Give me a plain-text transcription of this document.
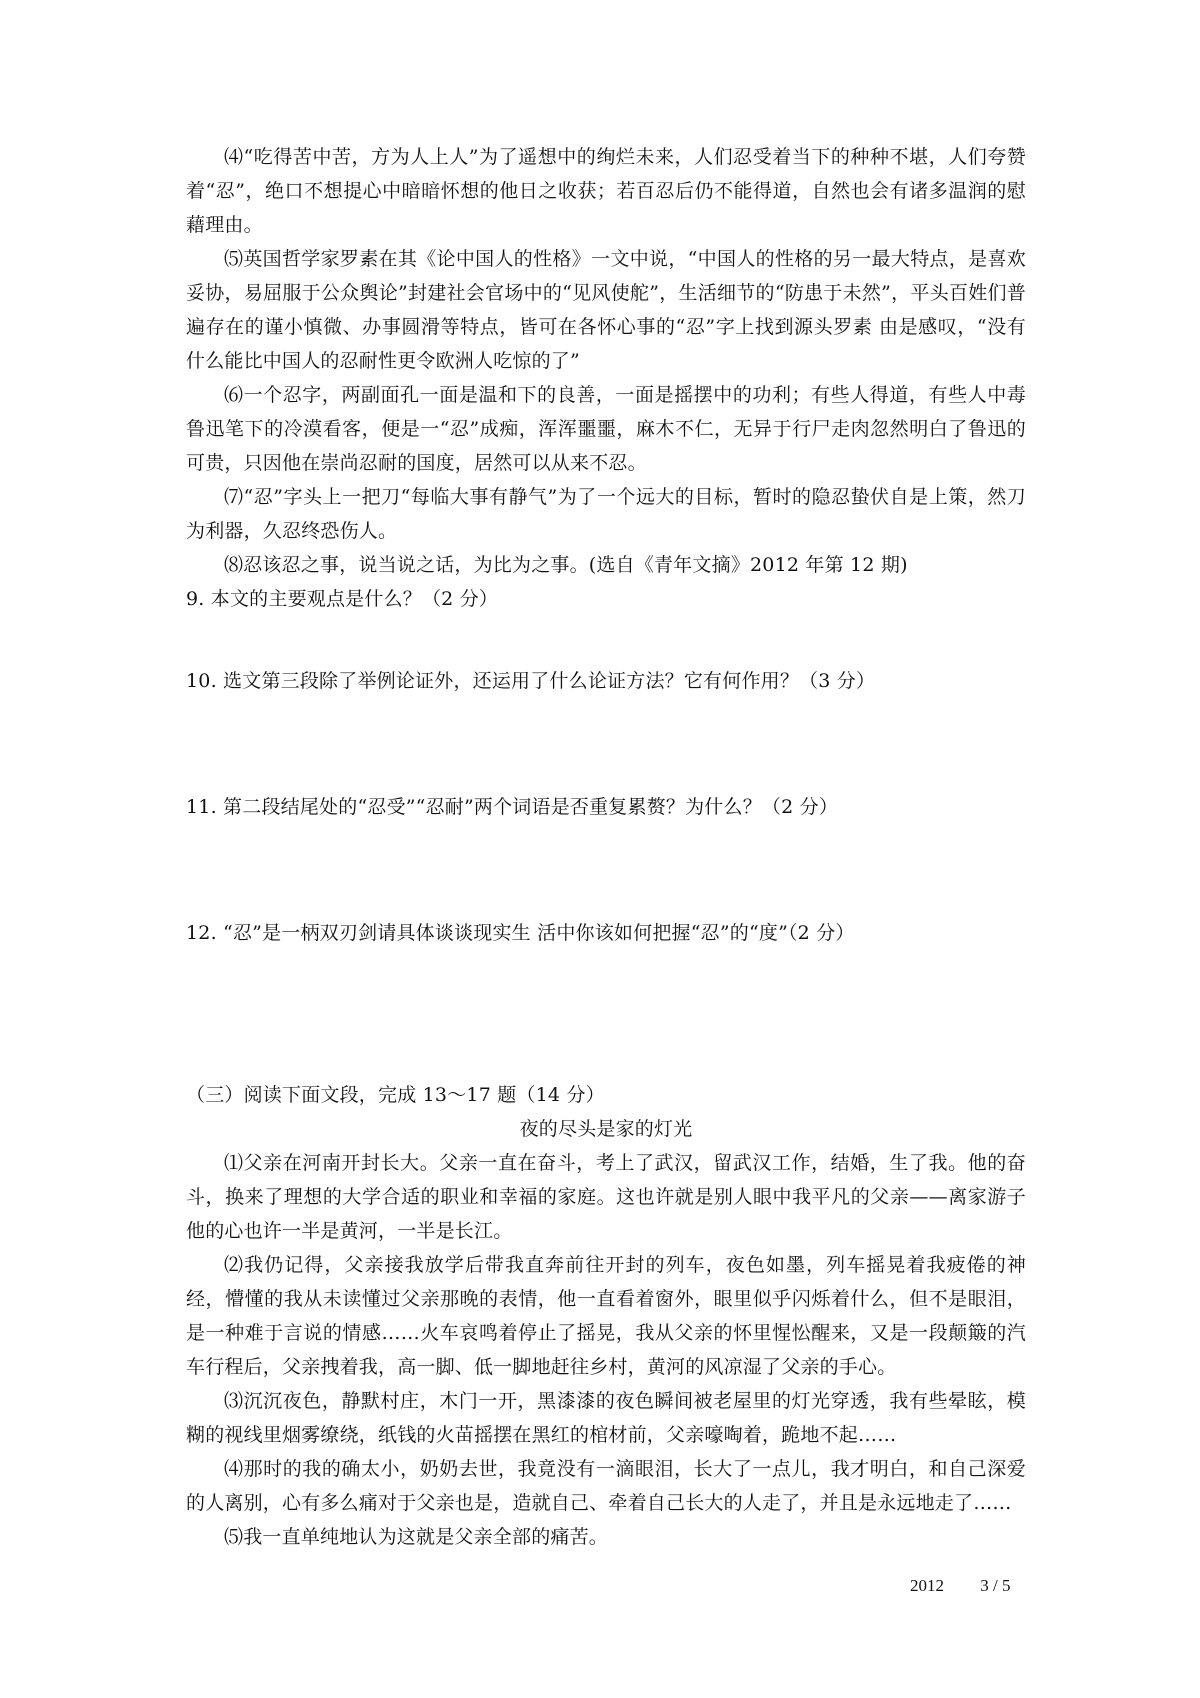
⑷“吃得苦中苦，方为人上人”为了遥想中的绚烂未来，人们忍受着当下的种种不堪，人们夸赞着“忍”，绝口不想提心中暗暗怀想的他日之收获；若百忍后仍不能得道，自然也会有诸多温润的慰藉理由。

⑸英国哲学家罗素在其《论中国人的性格》一文中说，“中国人的性格的另一最大特点，是喜欢妥协，易屈服于公众舆论”封建社会官场中的“见风使舵”，生活细节的“防患于未然”，平头百姓们普遍存在的谨小慎微、办事圆滑等特点，皆可在各怀心事的“忍”字上找到源头罗素 由是感叹，“没有什么能比中国人的忍耐性更令欧洲人吃惊的了”

⑹一个忍字，两副面孔一面是温和下的良善，一面是摇摆中的功利；有些人得道，有些人中毒鲁迅笔下的冷漠看客，便是一“忍”成痴，浑浑噩噩，麻木不仁，无异于行尸走肉忽然明白了鲁迅的可贵，只因他在崇尚忍耐的国度，居然可以从来不忍。

⑺“忍”字头上一把刀“每临大事有静气”为了一个远大的目标，暂时的隐忍蛰伏自是上策，然刀为利器，久忍终恐伤人。

⑻忍该忍之事，说当说之话，为比为之事。(选自《青年文摘》2012 年第 12 期)

9. 本文的主要观点是什么？（2 分）

10. 选文第三段除了举例论证外，还运用了什么论证方法？它有何作用？（3 分）

11. 第二段结尾处的“忍受”“忍耐”两个词语是否重复累赘？为什么？（2 分）

12. “忍”是一柄双刃剑请具体谈谈现实生 活中你该如何把握“忍”的“度”（2 分）

（三）阅读下面文段，完成 13～17 题（14 分）

夜的尽头是家的灯光

⑴父亲在河南开封长大。父亲一直在奋斗，考上了武汉，留武汉工作，结婚，生了我。他的奋斗，换来了理想的大学合适的职业和幸福的家庭。这也许就是别人眼中我平凡的父亲——离家游子他的心也许一半是黄河，一半是长江。

⑵我仍记得，父亲接我放学后带我直奔前往开封的列车，夜色如墨，列车摇晃着我疲倦的神经，懵懂的我从未读懂过父亲那晚的表情，他一直看着窗外，眼里似乎闪烁着什么，但不是眼泪，是一种难于言说的情感……火车哀鸣着停止了摇晃，我从父亲的怀里惺忪醒来，又是一段颠簸的汽车行程后，父亲拽着我，高一脚、低一脚地赶往乡村，黄河的风凉湿了父亲的手心。

⑶沉沉夜色，静默村庄，木门一开，黑漆漆的夜色瞬间被老屋里的灯光穿透，我有些晕眩，模糊的视线里烟雾缭绕，纸钱的火苗摇摆在黑红的棺材前，父亲嚎啕着，跪地不起……

⑷那时的我的确太小，奶奶去世，我竟没有一滴眼泪，长大了一点儿，我才明白，和自己深爱的人离别，心有多么痛对于父亲也是，造就自己、牵着自己长大的人走了，并且是永远地走了……

⑸我一直单纯地认为这就是父亲全部的痛苦。

2012 3 / 5
